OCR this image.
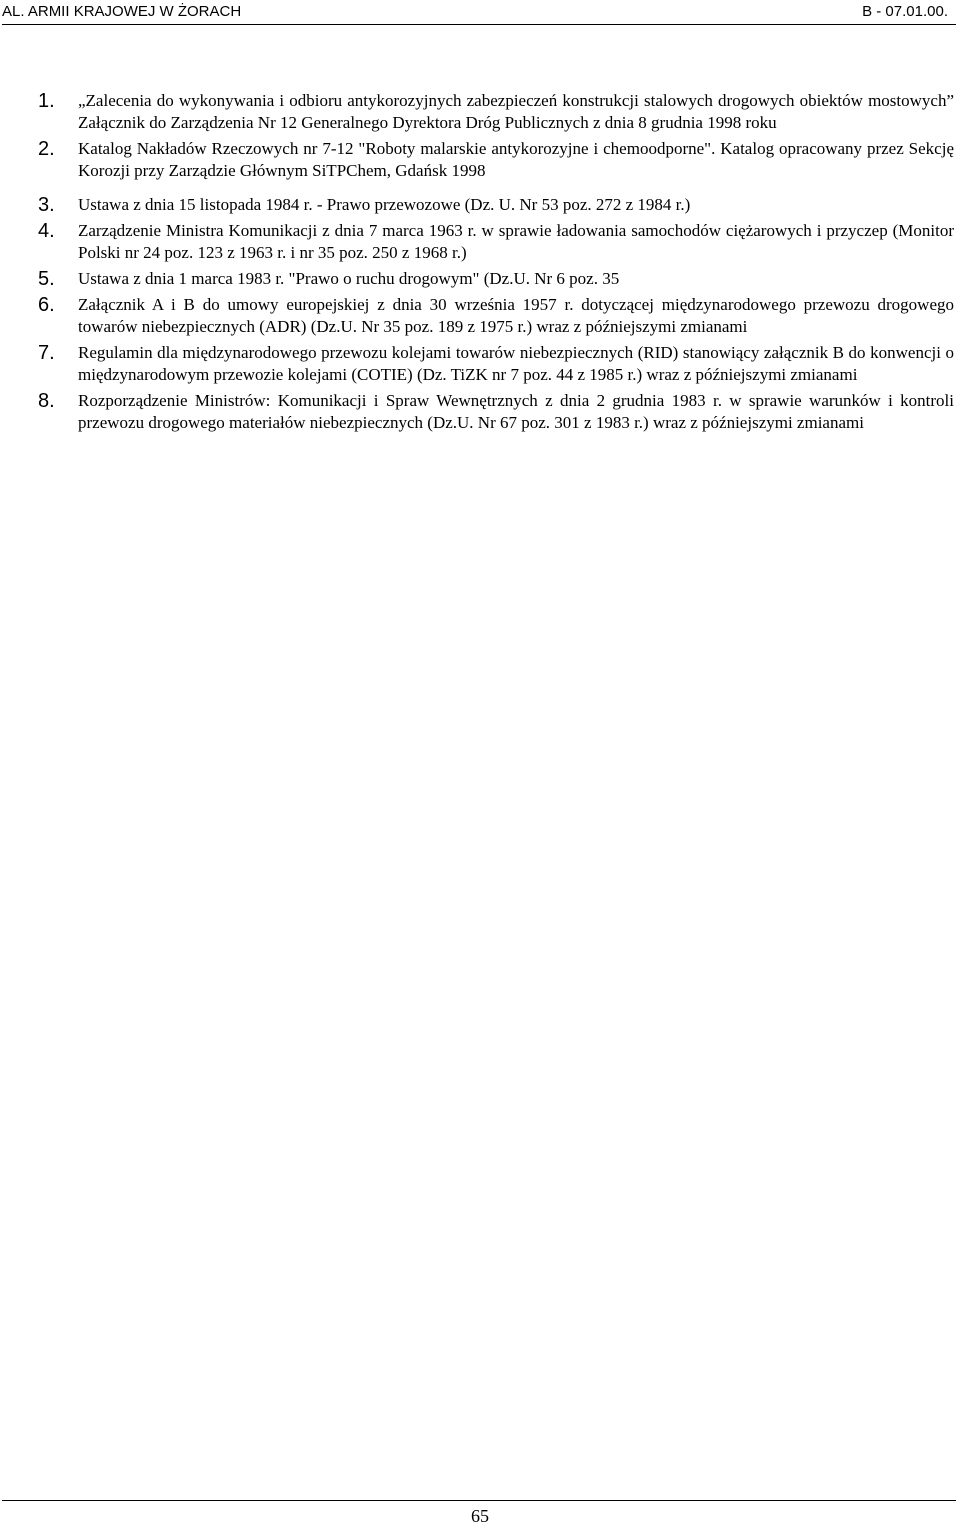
AL. ARMII KRAJOWEJ W ŻORACH	B - 07.01.00.
1. „Zalecenia do wykonywania i odbioru antykorozyjnych zabezpieczeń konstrukcji stalowych drogowych obiektów mostowych” Załącznik do Zarządzenia Nr 12 Generalnego Dyrektora Dróg Publicznych z dnia 8 grudnia 1998 roku
2. Katalog Nakładów Rzeczowych nr 7-12 "Roboty malarskie antykorozyjne i chemoodporne". Katalog opracowany przez Sekcję Korozji przy Zarządzie Głównym SiTPChem, Gdańsk 1998
3. Ustawa z dnia 15 listopada 1984 r. - Prawo przewozowe (Dz. U. Nr 53 poz. 272 z 1984 r.)
4. Zarządzenie Ministra Komunikacji z dnia 7 marca 1963 r. w sprawie ładowania samochodów ciężarowych i przyczep (Monitor Polski nr 24 poz. 123 z 1963 r. i nr 35 poz. 250 z 1968 r.)
5. Ustawa z dnia 1 marca 1983 r. "Prawo o ruchu drogowym" (Dz.U. Nr 6 poz. 35
6. Załącznik A i B do umowy europejskiej z dnia 30 września 1957 r. dotyczącej międzynarodowego przewozu drogowego towarów niebezpiecznych (ADR) (Dz.U. Nr 35 poz. 189 z 1975 r.) wraz z późniejszymi zmianami
7. Regulamin dla międzynarodowego przewozu kolejami towarów niebezpiecznych (RID) stanowiący załącznik B do konwencji o międzynarodowym przewozie kolejami (COTIE) (Dz. TiZK nr 7 poz. 44 z 1985 r.) wraz z późniejszymi zmianami
8. Rozporządzenie Ministrów: Komunikacji i Spraw Wewnętrznych z dnia 2 grudnia 1983 r. w sprawie warunków i kontroli przewozu drogowego materiałów niebezpiecznych (Dz.U. Nr 67 poz. 301 z 1983 r.) wraz z późniejszymi zmianami
65
